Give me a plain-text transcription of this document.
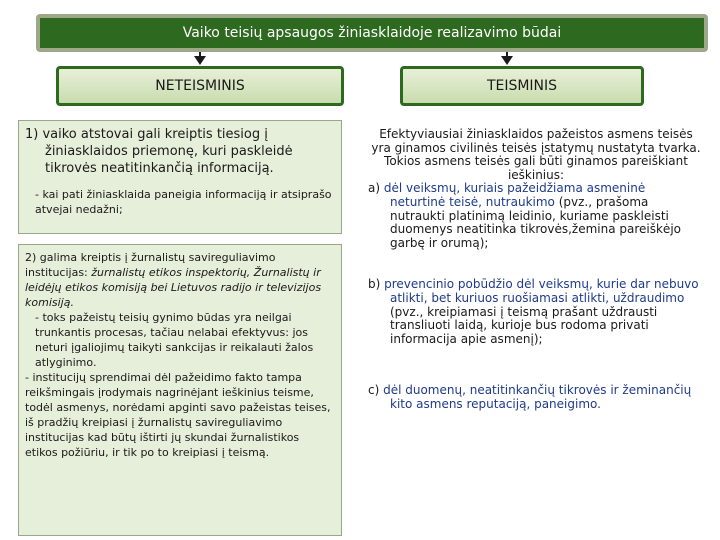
Vaiko teisių apsaugos žiniasklaidoje realizavimo būdai
NETEISMINIS	TEISMINIS

1) vaiko atstovai gali kreiptis tiesiog į žiniasklaidos priemonę, kuri paskleidė tikrovės neatitinkančią informaciją.

- kai pati žiniasklaida paneigia informaciją ir atsiprašo atvejai nedažni;

2) galima kreiptis į žurnalistų savireguliavimo institucijas: žurnalistų etikos inspektorių, Žurnalistų ir leidėjų etikos komisiją bei Lietuvos radijo ir televizijos komisiją.

- toks pažeistų teisių gynimo būdas yra neilgai trunkantis procesas, tačiau nelabai efektyvus: jos neturi įgaliojimų taikyti sankcijas ir reikalauti žalos atlyginimo.

- institucijų sprendimai dėl pažeidimo fakto tampa reikšmingais įrodymais nagrinėjant ieškinius teisme, todėl asmenys, norėdami apginti savo pažeistas teises, iš pradžių kreipiasi į žurnalistų savireguliavimo institucijas kad būtų ištirti jų skundai žurnalistikos etikos požiūriu, ir tik po to kreipiasi į teismą.

Efektyviausiai žiniasklaidos pažeistos asmens teisės yra ginamos civilinės teisės įstatymų nustatyta tvarka.

Tokios asmens teisės gali būti ginamos pareiškiant ieškinius:

a) dėl veiksmų, kuriais pažeidžiama asmeninė neturtinė teisė, nutraukimo (pvz., prašoma nutraukti platinimą leidinio, kuriame paskleisti duomenys neatitinka tikrovės,žemina pareiškėjo garbę ir orumą);

b) prevencinio pobūdžio dėl veiksmų, kurie dar nebuvo atlikti, bet kuriuos ruošiamasi atlikti, uždraudimo (pvz., kreipiamasi į teismą prašant uždrausti transliuoti laidą, kurioje bus rodoma privati informacija apie asmenį);

c) dėl duomenų, neatitinkančių tikrovės ir žeminančių kito asmens reputaciją, paneigimo.
